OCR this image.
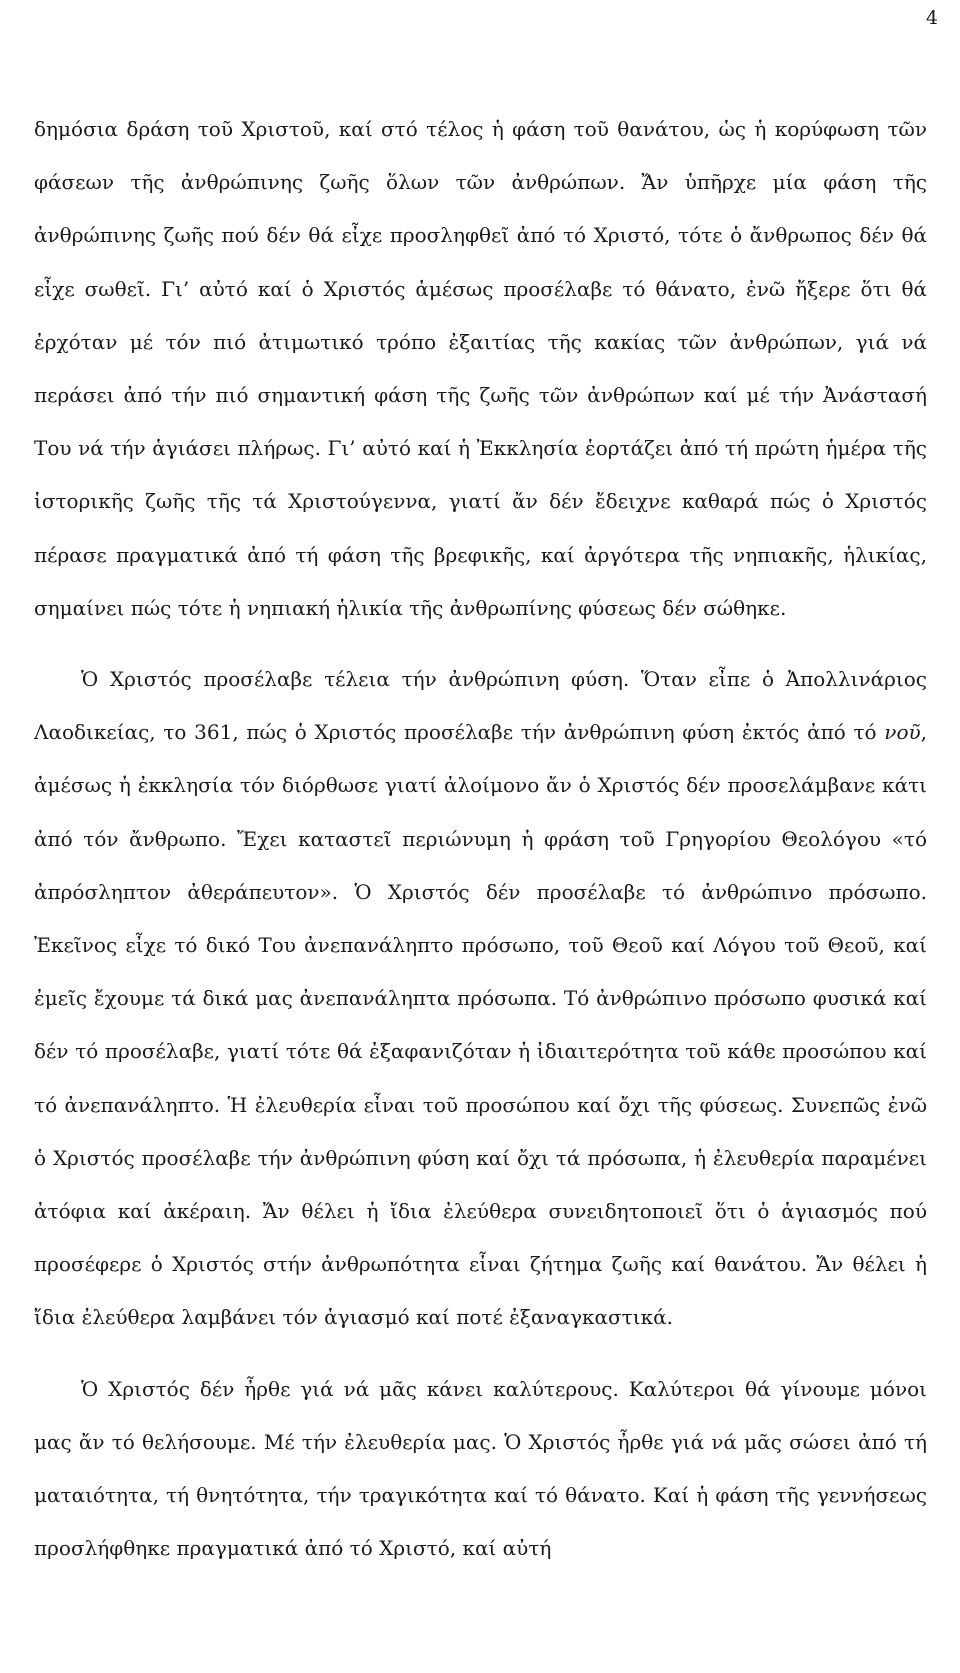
4

δημόσια δράση τοῦ Χριστοῦ, καί στό τέλος ἡ φάση τοῦ θανάτου, ὡς ἡ κορύφωση τῶν φάσεων τῆς ἀνθρώπινης ζωῆς ὅλων τῶν ἀνθρώπων. Ἄν ὑπῆρχε μία φάση τῆς ἀνθρώπινης ζωῆς πού δέν θά εἶχε προσληφθεῖ ἀπό τό Χριστό, τότε ὁ ἄνθρωπος δέν θά εἶχε σωθεῖ. Γι’ αὐτό καί ὁ Χριστός ἀμέσως προσέλαβε τό θάνατο, ἐνῶ ἤξερε ὅτι θά ἐρχόταν μέ τόν πιό ἀτιμωτικό τρόπο ἐξαιτίας τῆς κακίας τῶν ἀνθρώπων, γιά νά περάσει ἀπό τήν πιό σημαντική φάση τῆς ζωῆς τῶν ἀνθρώπων καί μέ τήν Ἀνάστασή Του νά τήν ἁγιάσει πλήρως. Γι’ αὐτό καί ἡ Ἐκκλησία ἑορτάζει ἀπό τή πρώτη ἡμέρα τῆς ἱστορικῆς ζωῆς τῆς τά Χριστούγεννα, γιατί ἄν δέν ἔδειχνε καθαρά πώς ὁ Χριστός πέρασε πραγματικά ἀπό τή φάση τῆς βρεφικῆς, καί ἀργότερα τῆς νηπιακῆς, ἡλικίας, σημαίνει πώς τότε ἡ νηπιακή ἡλικία τῆς ἀνθρωπίνης φύσεως δέν σώθηκε.

Ὁ Χριστός προσέλαβε τέλεια τήν ἀνθρώπινη φύση. Ὅταν εἶπε ὁ Ἀπολλινάριος Λαοδικείας, το 361, πώς ὁ Χριστός προσέλαβε τήν ἀνθρώπινη φύση ἐκτός ἀπό τό νοῦ, ἀμέσως ἡ ἐκκλησία τόν διόρθωσε γιατί ἀλοίμονο ἄν ὁ Χριστός δέν προσελάμβανε κάτι ἀπό τόν ἄνθρωπο. Ἔχει καταστεῖ περιώνυμη ἡ φράση τοῦ Γρηγορίου Θεολόγου «τό ἀπρόσληπτον ἀθεράπευτον». Ὁ Χριστός δέν προσέλαβε τό ἀνθρώπινο πρόσωπο. Ἐκεῖνος εἶχε τό δικό Του ἀνεπανάληπτο πρόσωπο, τοῦ Θεοῦ καί Λόγου τοῦ Θεοῦ, καί ἐμεῖς ἔχουμε τά δικά μας ἀνεπανάληπτα πρόσωπα. Τό ἀνθρώπινο πρόσωπο φυσικά καί δέν τό προσέλαβε, γιατί τότε θά ἐξαφανιζόταν ἡ ἰδιαιτερότητα τοῦ κάθε προσώπου καί τό ἀνεπανάληπτο. Ἡ ἐλευθερία εἶναι τοῦ προσώπου καί ὄχι τῆς φύσεως. Συνεπῶς ἐνῶ ὁ Χριστός προσέλαβε τήν ἀνθρώπινη φύση καί ὄχι τά πρόσωπα, ἡ ἐλευθερία παραμένει ἀτόφια καί ἀκέραιη. Ἄν θέλει ἡ ἴδια ἐλεύθερα συνειδητοποιεῖ ὅτι ὁ ἁγιασμός πού προσέφερε ὁ Χριστός στήν ἀνθρωπότητα εἶναι ζήτημα ζωῆς καί θανάτου. Ἄν θέλει ἡ ἴδια ἐλεύθερα λαμβάνει τόν ἁγιασμό καί ποτέ ἐξαναγκαστικά.

Ὁ Χριστός δέν ἦρθε γιά νά μᾶς κάνει καλύτερους. Καλύτεροι θά γίνουμε μόνοι μας ἄν τό θελήσουμε. Μέ τήν ἐλευθερία μας. Ὁ Χριστός ἦρθε γιά νά μᾶς σώσει ἀπό τή ματαιότητα, τή θνητότητα, τήν τραγικότητα καί τό θάνατο. Καί ἡ φάση τῆς γεννήσεως προσλήφθηκε πραγματικά ἀπό τό Χριστό, καί αὐτή
